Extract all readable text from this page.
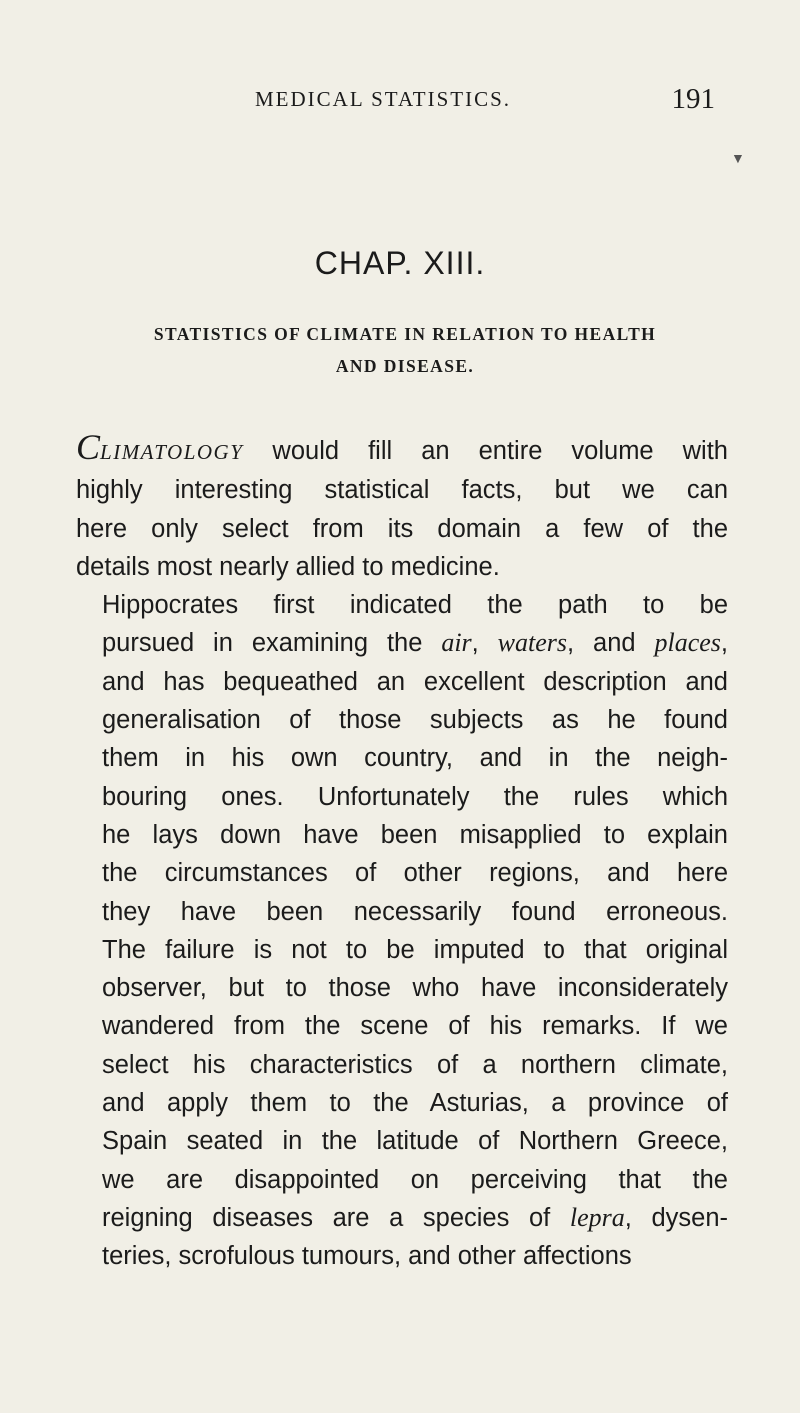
MEDICAL STATISTICS.	191
▼
CHAP. XIII.
STATISTICS OF CLIMATE IN RELATION TO HEALTH
AND DISEASE.

CLIMATOLOGY would fill an entire volume with
highly interesting statistical facts, but we can
here only select from its domain a few of the
details most nearly allied to medicine.

Hippocrates first indicated the path to be
pursued in examining the air, waters, and places,
and has bequeathed an excellent description and
generalisation of those subjects as he found
them in his own country, and in the neigh-
bouring ones. Unfortunately the rules which
he lays down have been misapplied to explain
the circumstances of other regions, and here
they have been necessarily found erroneous.
The failure is not to be imputed to that original
observer, but to those who have inconsiderately
wandered from the scene of his remarks. If we
select his characteristics of a northern climate,
and apply them to the Asturias, a province of
Spain seated in the latitude of Northern Greece,
we are disappointed on perceiving that the
reigning diseases are a species of lepra, dysen-
teries, scrofulous tumours, and other affections
